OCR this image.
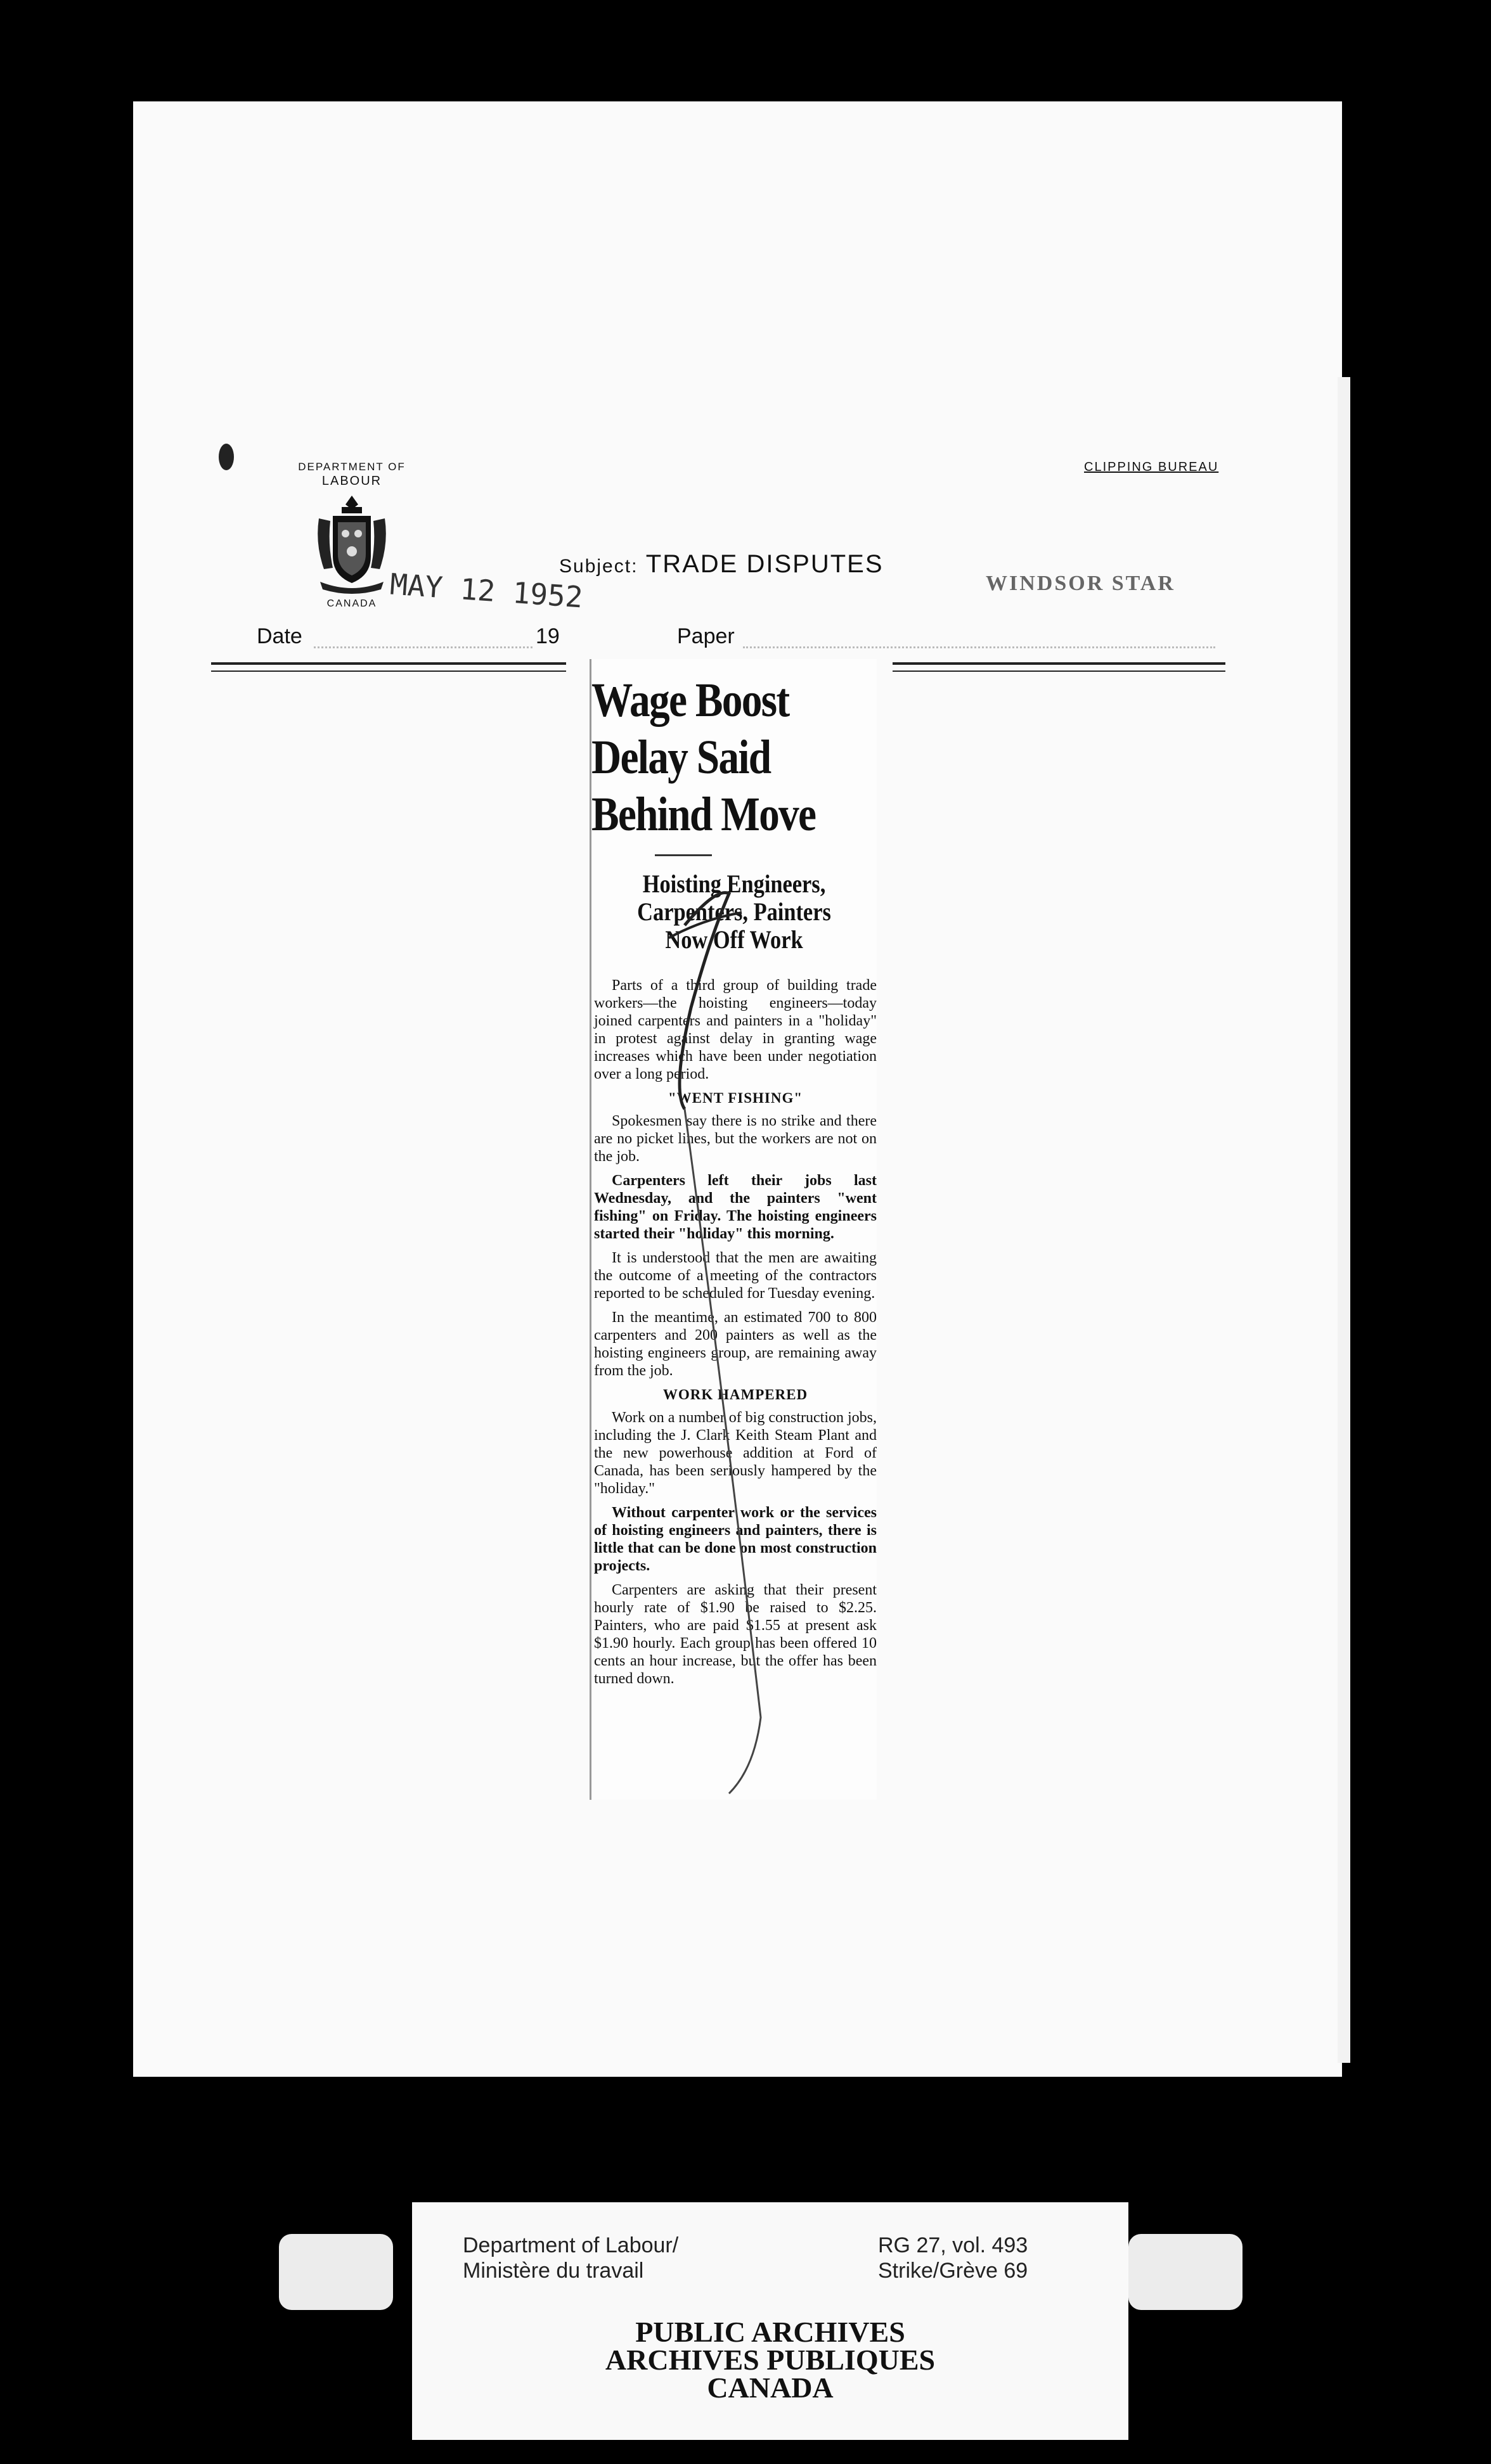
DEPARTMENT OF
LABOUR
CANADA
CLIPPING BUREAU
Subject: TRADE DISPUTES
MAY 12 1952	WINDSOR STAR
Date	19	Paper
Wage Boost
Delay Said
Behind Move
Hoisting Engineers,
Carpenters, Painters
Now Off Work

Parts of a third group of building trade workers—the hoisting engineers—today joined carpenters and painters in a "holiday" in protest against delay in granting wage increases which have been under negotiation over a long period.

"WENT FISHING"

Spokesmen say there is no strike and there are no picket lines, but the workers are not on the job.

Carpenters left their jobs last Wednesday, and the painters "went fishing" on Friday. The hoisting engineers started their "holiday" this morning.

It is understood that the men are awaiting the outcome of a meeting of the contractors reported to be scheduled for Tuesday evening.

In the meantime, an estimated 700 to 800 carpenters and 200 painters as well as the hoisting engineers group, are remaining away from the job.

WORK HAMPERED

Work on a number of big construction jobs, including the J. Clark Keith Steam Plant and the new powerhouse addition at Ford of Canada, has been seriously hampered by the "holiday."

Without carpenter work or the services of hoisting engineers and painters, there is little that can be done on most construction projects.

Carpenters are asking that their present hourly rate of $1.90 be raised to $2.25. Painters, who are paid $1.55 at present ask $1.90 hourly. Each group has been offered 10 cents an hour increase, but the offer has been turned down.

Department of Labour/
Ministère du travail
RG 27, vol. 493
Strike/Grève 69
PUBLIC ARCHIVES
ARCHIVES PUBLIQUES
CANADA
